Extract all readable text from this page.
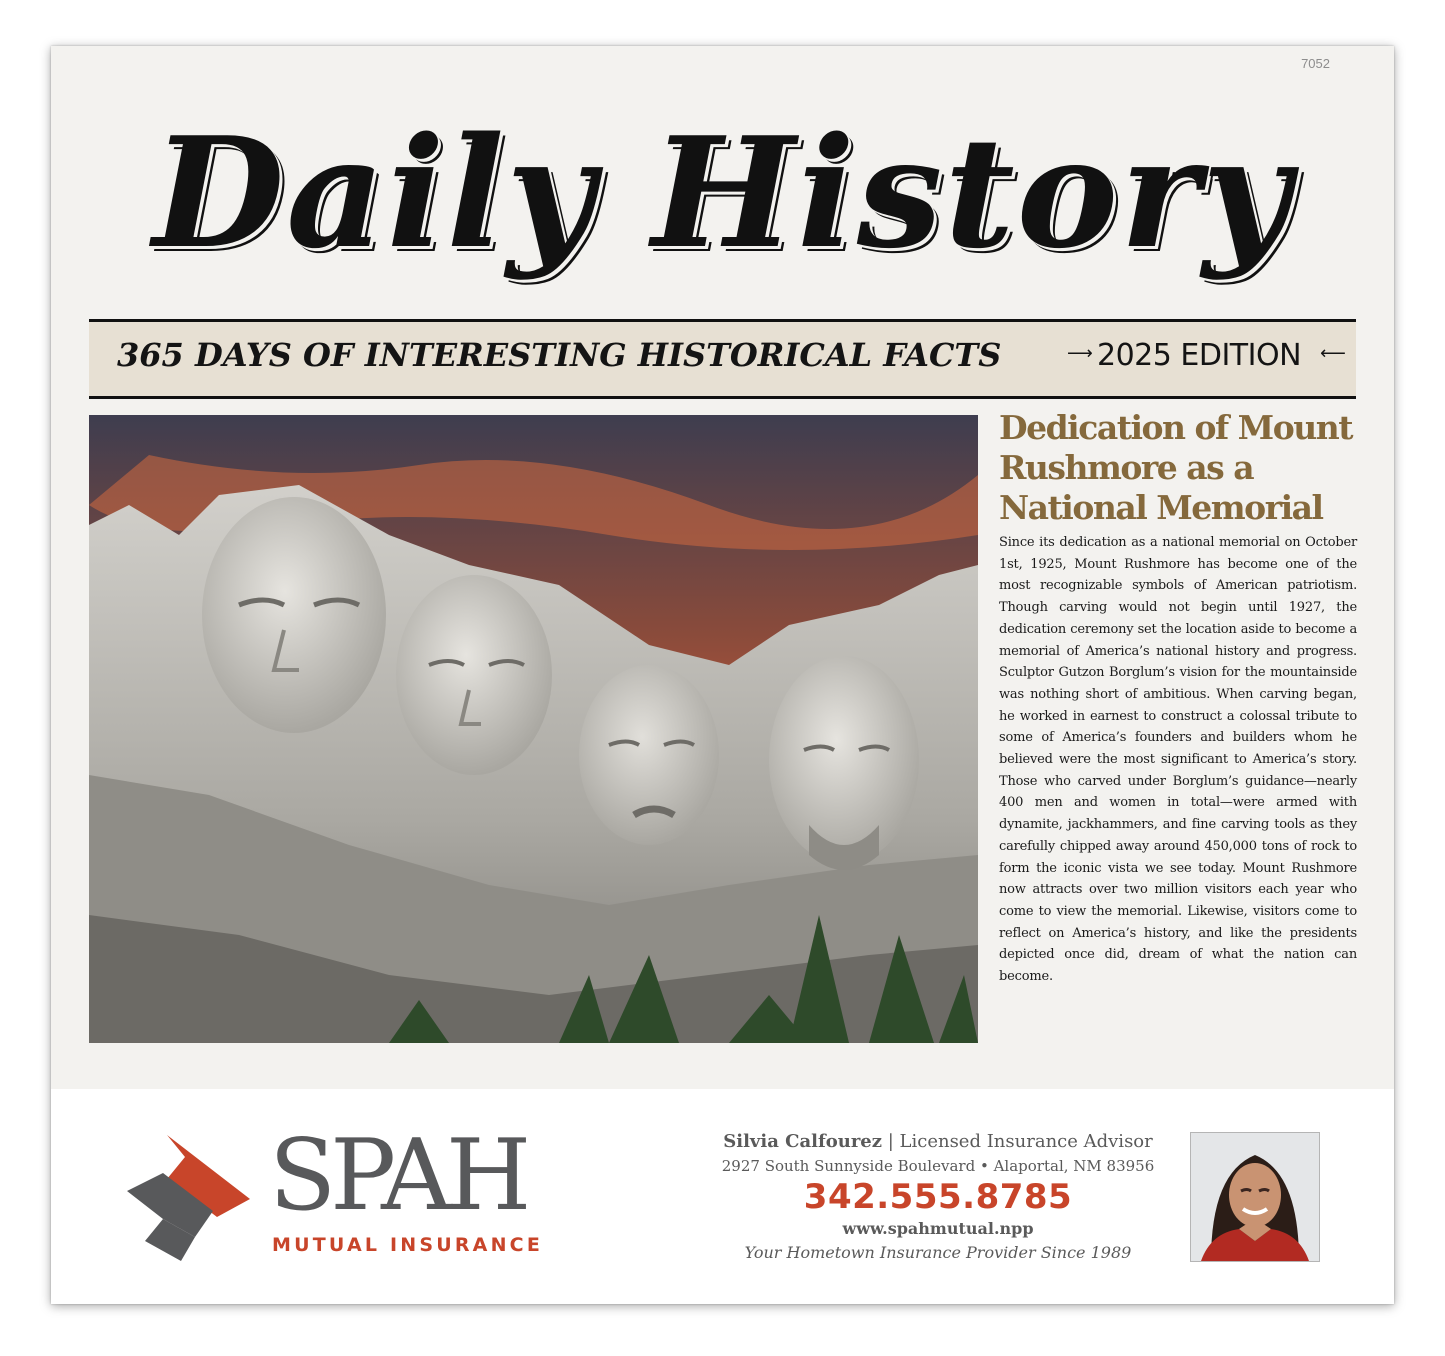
7052
Daily History
365 DAYS OF INTERESTING HISTORICAL FACTS	⟶ 2025 EDITION ⟵
Dedication of Mount Rushmore as a National Memorial

Since its dedication as a national memorial on October 1st, 1925, Mount Rushmore has become one of the most recognizable symbols of American patriotism. Though carving would not begin until 1927, the dedication ceremony set the location aside to become a memorial of America’s national history and progress. Sculptor Gutzon Borglum’s vision for the mountainside was nothing short of ambitious. When carving began, he worked in earnest to construct a colossal tribute to some of America’s founders and builders whom he believed were the most significant to America’s story. Those who carved under Borglum’s guidance—nearly 400 men and women in total—were armed with dynamite, jackhammers, and fine carving tools as they carefully chipped away around 450,000 tons of rock to form the iconic vista we see today. Mount Rushmore now attracts over two million visitors each year who come to view the memorial. Likewise, visitors come to reflect on America’s history, and like the presidents depicted once did, dream of what the nation can become.

SPAH
MUTUAL INSURANCE
Silvia Calfourez | Licensed Insurance Advisor
2927 South Sunnyside Boulevard • Alaportal, NM 83956
342.555.8785
www.spahmutual.npp
Your Hometown Insurance Provider Since 1989
